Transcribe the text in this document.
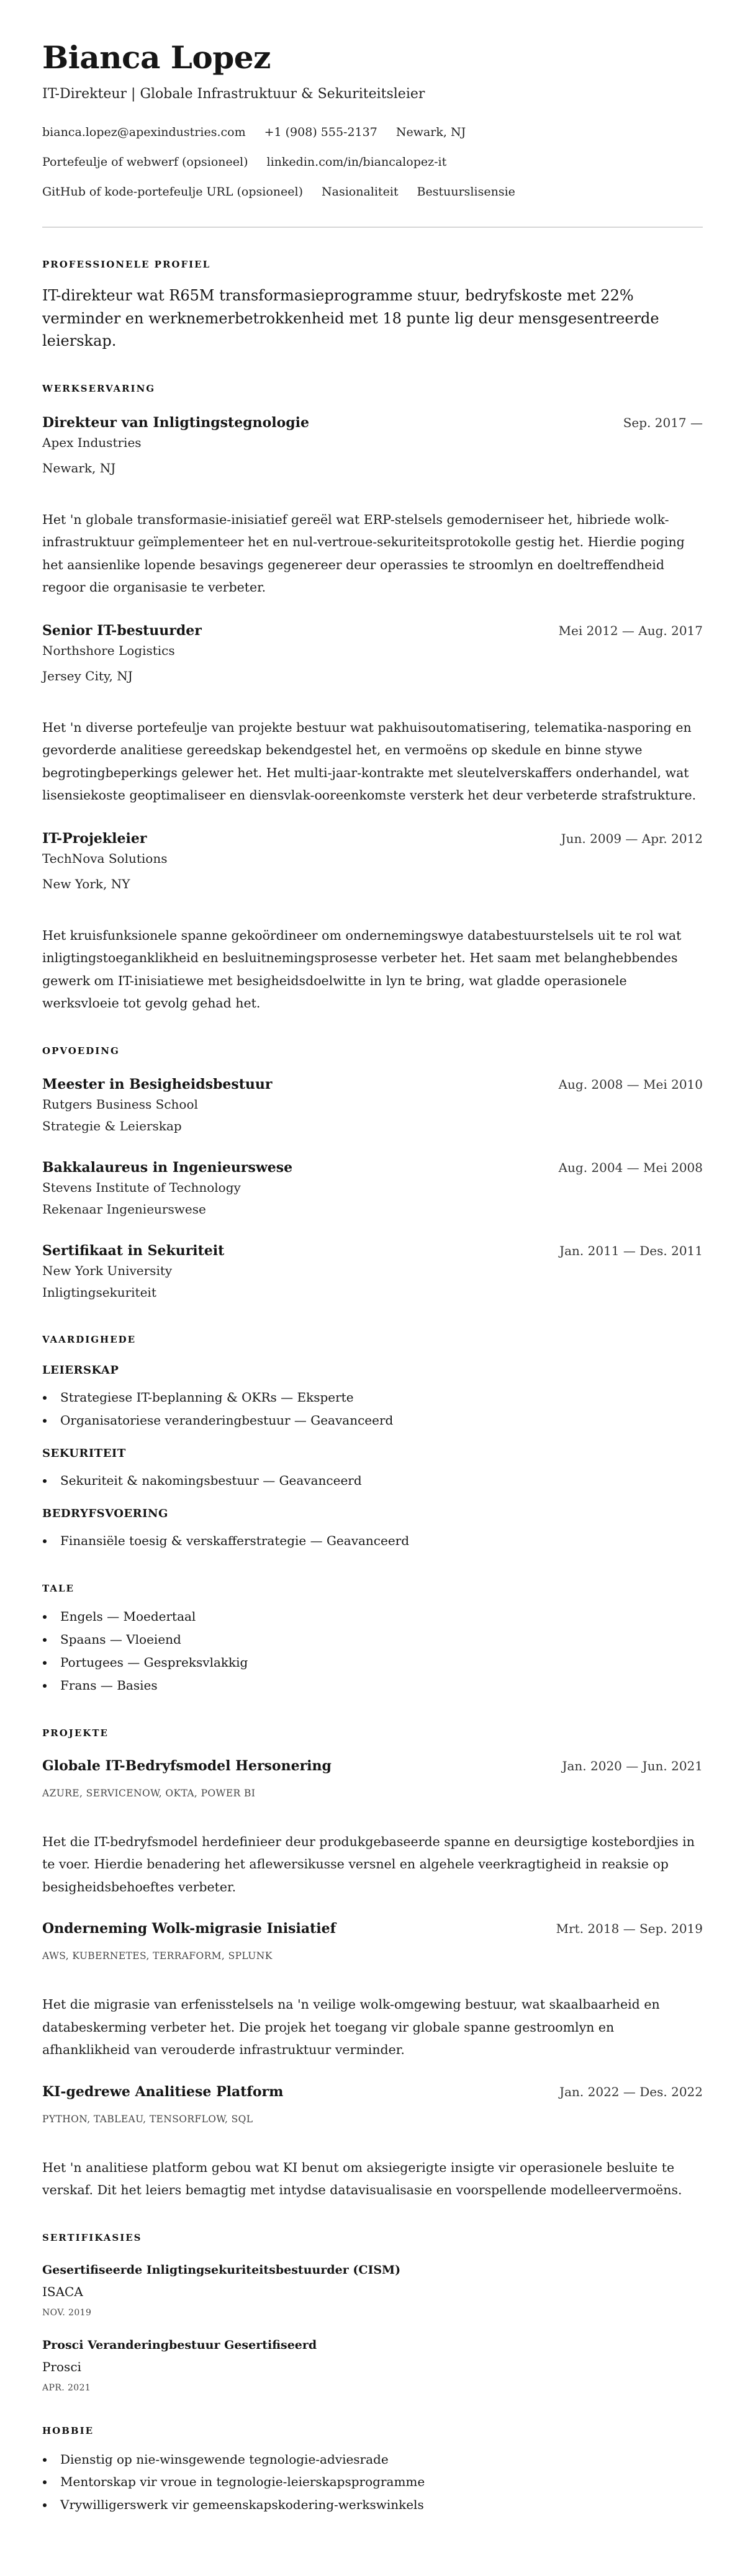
Bianca Lopez
IT-Direkteur | Globale Infrastruktuur & Sekuriteitsleier
bianca.lopez@apexindustries.com +1 (908) 555-2137 Newark, NJ
Portefeulje of webwerf (opsioneel) linkedin.com/in/biancalopez-it
GitHub of kode-portefeulje URL (opsioneel) Nasionaliteit Bestuurslisensie
PROFESSIONELE PROFIEL

IT-direkteur wat R65M transformasieprogramme stuur, bedryfskoste met 22% verminder en werknemerbetrokkenheid met 18 punte lig deur mensgesentreerde leierskap.

WERKSERVARING
Direkteur van Inligtingstegnologie	Sep. 2017 —
Apex Industries
Newark, NJ
Het 'n globale transformasie-inisiatief gereël wat ERP-stelsels gemoderniseer het, hibriede wolk-infrastruktuur geïmplementeer het en nul-vertroue-sekuriteitsprotokolle gestig het. Hierdie poging het aansienlike lopende besavings gegenereer deur operassies te stroomlyn en doeltreffendheid regoor die organisasie te verbeter.
Senior IT-bestuurder	Mei 2012 — Aug. 2017
Northshore Logistics
Jersey City, NJ
Het 'n diverse portefeulje van projekte bestuur wat pakhuisoutomatisering, telematika-nasporing en gevorderde analitiese gereedskap bekendgestel het, en vermoëns op skedule en binne stywe begrotingbeperkings gelewer het. Het multi-jaar-kontrakte met sleutelverskaffers onderhandel, wat lisensiekoste geoptimaliseer en diensvlak-ooreenkomste versterk het deur verbeterde strafstrukture.
IT-Projekleier	Jun. 2009 — Apr. 2012
TechNova Solutions
New York, NY
Het kruisfunksionele spanne gekoördineer om ondernemingswye databestuurstelsels uit te rol wat inligtingstoeganklikheid en besluitnemingsprosesse verbeter het. Het saam met belanghebbendes gewerk om IT-inisiatiewe met besigheidsdoelwitte in lyn te bring, wat gladde operasionele werksvloeie tot gevolg gehad het.
OPVOEDING
Meester in Besigheidsbestuur	Aug. 2008 — Mei 2010
Rutgers Business School
Strategie & Leierskap
Bakkalaureus in Ingenieurswese	Aug. 2004 — Mei 2008
Stevens Institute of Technology
Rekenaar Ingenieurswese
Sertifikaat in Sekuriteit	Jan. 2011 — Des. 2011
New York University
Inligtingsekuriteit
VAARDIGHEDE
LEIERSKAP
Strategiese IT-beplanning & OKRs — Eksperte
Organisatoriese veranderingbestuur — Geavanceerd
SEKURITEIT
Sekuriteit & nakomingsbestuur — Geavanceerd
BEDRYFSVOERING
Finansiële toesig & verskafferstrategie — Geavanceerd
TALE
Engels — Moedertaal
Spaans — Vloeiend
Portugees — Gespreksvlakkig
Frans — Basies
PROJEKTE
Globale IT-Bedryfsmodel Hersonering	Jan. 2020 — Jun. 2021
AZURE, SERVICENOW, OKTA, POWER BI
Het die IT-bedryfsmodel herdefinieer deur produkgebaseerde spanne en deursigtige kostebordjies in te voer. Hierdie benadering het aflewersikusse versnel en algehele veerkragtigheid in reaksie op besigheidsbehoeftes verbeter.
Onderneming Wolk-migrasie Inisiatief	Mrt. 2018 — Sep. 2019
AWS, KUBERNETES, TERRAFORM, SPLUNK
Het die migrasie van erfenisstelsels na 'n veilige wolk-omgewing bestuur, wat skaalbaarheid en databeskerming verbeter het. Die projek het toegang vir globale spanne gestroomlyn en afhanklikheid van verouderde infrastruktuur verminder.
KI-gedrewe Analitiese Platform	Jan. 2022 — Des. 2022
PYTHON, TABLEAU, TENSORFLOW, SQL
Het 'n analitiese platform gebou wat KI benut om aksiegerigte insigte vir operasionele besluite te verskaf. Dit het leiers bemagtig met intydse datavisualisasie en voorspellende modelleervermoëns.
SERTIFIKASIES
Gesertifiseerde Inligtingsekuriteitsbestuurder (CISM)
ISACA
NOV. 2019
Prosci Veranderingbestuur Gesertifiseerd
Prosci
APR. 2021
HOBBIE
Dienstig op nie-winsgewende tegnologie-adviesrade
Mentorskap vir vroue in tegnologie-leierskapsprogramme
Vrywilligerswerk vir gemeenskapskodering-werkswinkels
